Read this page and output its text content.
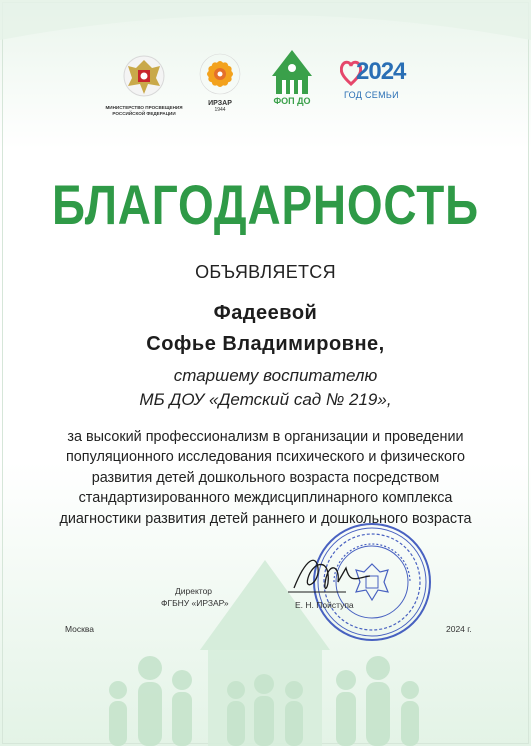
МИНИСТЕРСТВО ПРОСВЕЩЕНИЯ РОССИЙСКОЙ ФЕДЕРАЦИИ
ИРЗАР
1944
ФОП ДО
2024
ГОД СЕМЬИ
БЛАГОДАРНОСТЬ
ОБЪЯВЛЯЕТСЯ
Фадеевой
Софье Владимировне,
старшему воспитателю
МБ ДОУ «Детский сад № 219»,
за высокий профессионализм в организации и проведении
популяционного исследования психического и физического
развития детей дошкольного возраста посредством
стандартизированного междисциплинарного комплекса
диагностики развития детей раннего и дошкольного возраста
Директор
ФГБНУ «ИРЗАР»	Е. Н. Пойступа
Москва	2024 г.
